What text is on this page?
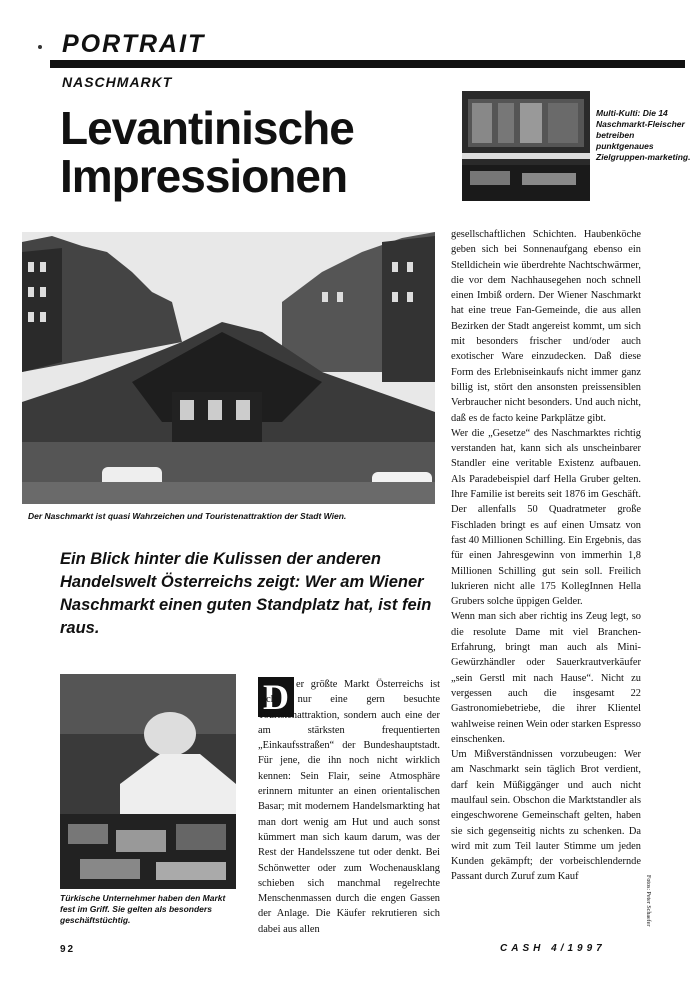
PORTRAIT
NASCHMARKT
Levantinische
Impressionen
Multi-Kulti: Die 14 Naschmarkt-Fleischer betreiben punktgenaues Zielgruppen-marketing.
Der Naschmarkt ist quasi Wahrzeichen und Touristenattraktion der Stadt Wien.
Ein Blick hinter die Kulissen der anderen Handelswelt Österreichs zeigt: Wer am Wiener Naschmarkt einen guten Standplatz hat, ist fein raus.
Türkische Unternehmer haben den Markt fest im Griff. Sie gelten als besonders geschäftstüchtig.
D er größte Markt Österreichs ist nicht nur eine gern besuchte Touristenattraktion, sondern auch eine der am stärksten frequentierten „Einkaufsstraßen“ der Bundeshauptstadt. Für jene, die ihn noch nicht wirklich kennen: Sein Flair, seine Atmosphäre erinnern mitunter an einen orientalischen Basar; mit modernem Handelsmarkting hat man dort wenig am Hut und auch sonst kümmert man sich kaum darum, was der Rest der Handelsszene tut oder denkt. Bei Schönwetter oder zum Wochenausklang schieben sich manchmal regelrechte Menschenmassen durch die engen Gassen der Anlage. Die Käufer rekrutieren sich dabei aus allen
gesellschaftlichen Schichten. Haubenköche geben sich bei Sonnenaufgang ebenso ein Stelldichein wie überdrehte Nachtschwärmer, die vor dem Nachhausegehen noch schnell einen Imbiß ordern. Der Wiener Naschmarkt hat eine treue Fan-Gemeinde, die aus allen Bezirken der Stadt angereist kommt, um sich mit besonders frischer und/oder auch exotischer Ware einzudecken. Daß diese Form des Erlebniseinkaufs nicht immer ganz billig ist, stört den ansonsten preissensiblen Verbraucher nicht besonders. Und auch nicht, daß es de facto keine Parkplätze gibt.
Wer die „Gesetze“ des Naschmarktes richtig verstanden hat, kann sich als unscheinbarer Standler eine veritable Existenz aufbauen. Als Paradebeispiel darf Hella Gruber gelten. Ihre Familie ist bereits seit 1876 im Geschäft. Der allenfalls 50 Quadratmeter große Fischladen bringt es auf einen Umsatz von fast 40 Millionen Schilling. Ein Ergebnis, das für einen Jahresgewinn von immerhin 1,8 Millionen Schilling gut sein soll. Freilich lukrieren nicht alle 175 KollegInnen Hella Grubers solche üppigen Gelder.
Wenn man sich aber richtig ins Zeug legt, so die resolute Dame mit viel Branchen-Erfahrung, bringt man auch als Mini-Gewürzhändler oder Sauerkrautverkäufer „sein Gerstl mit nach Hause“. Nicht zu vergessen auch die insgesamt 22 Gastronomiebetriebe, die ihrer Klientel wahlweise reinen Wein oder starken Espresso einschenken.
Um Mißverständnissen vorzubeugen: Wer am Naschmarkt sein täglich Brot verdient, darf kein Müßiggänger und auch nicht maulfaul sein. Obschon die Marktstandler als eingeschworene Gemeinschaft gelten, haben sie sich gegenseitig nichts zu schenken. Da wird mit zum Teil lauter Stimme um jeden Kunden gekämpft; der vorbeischlendernde Passant durch Zuruf zum Kauf	Fotos: Peter Schaefer
92	CASH 4/1997
